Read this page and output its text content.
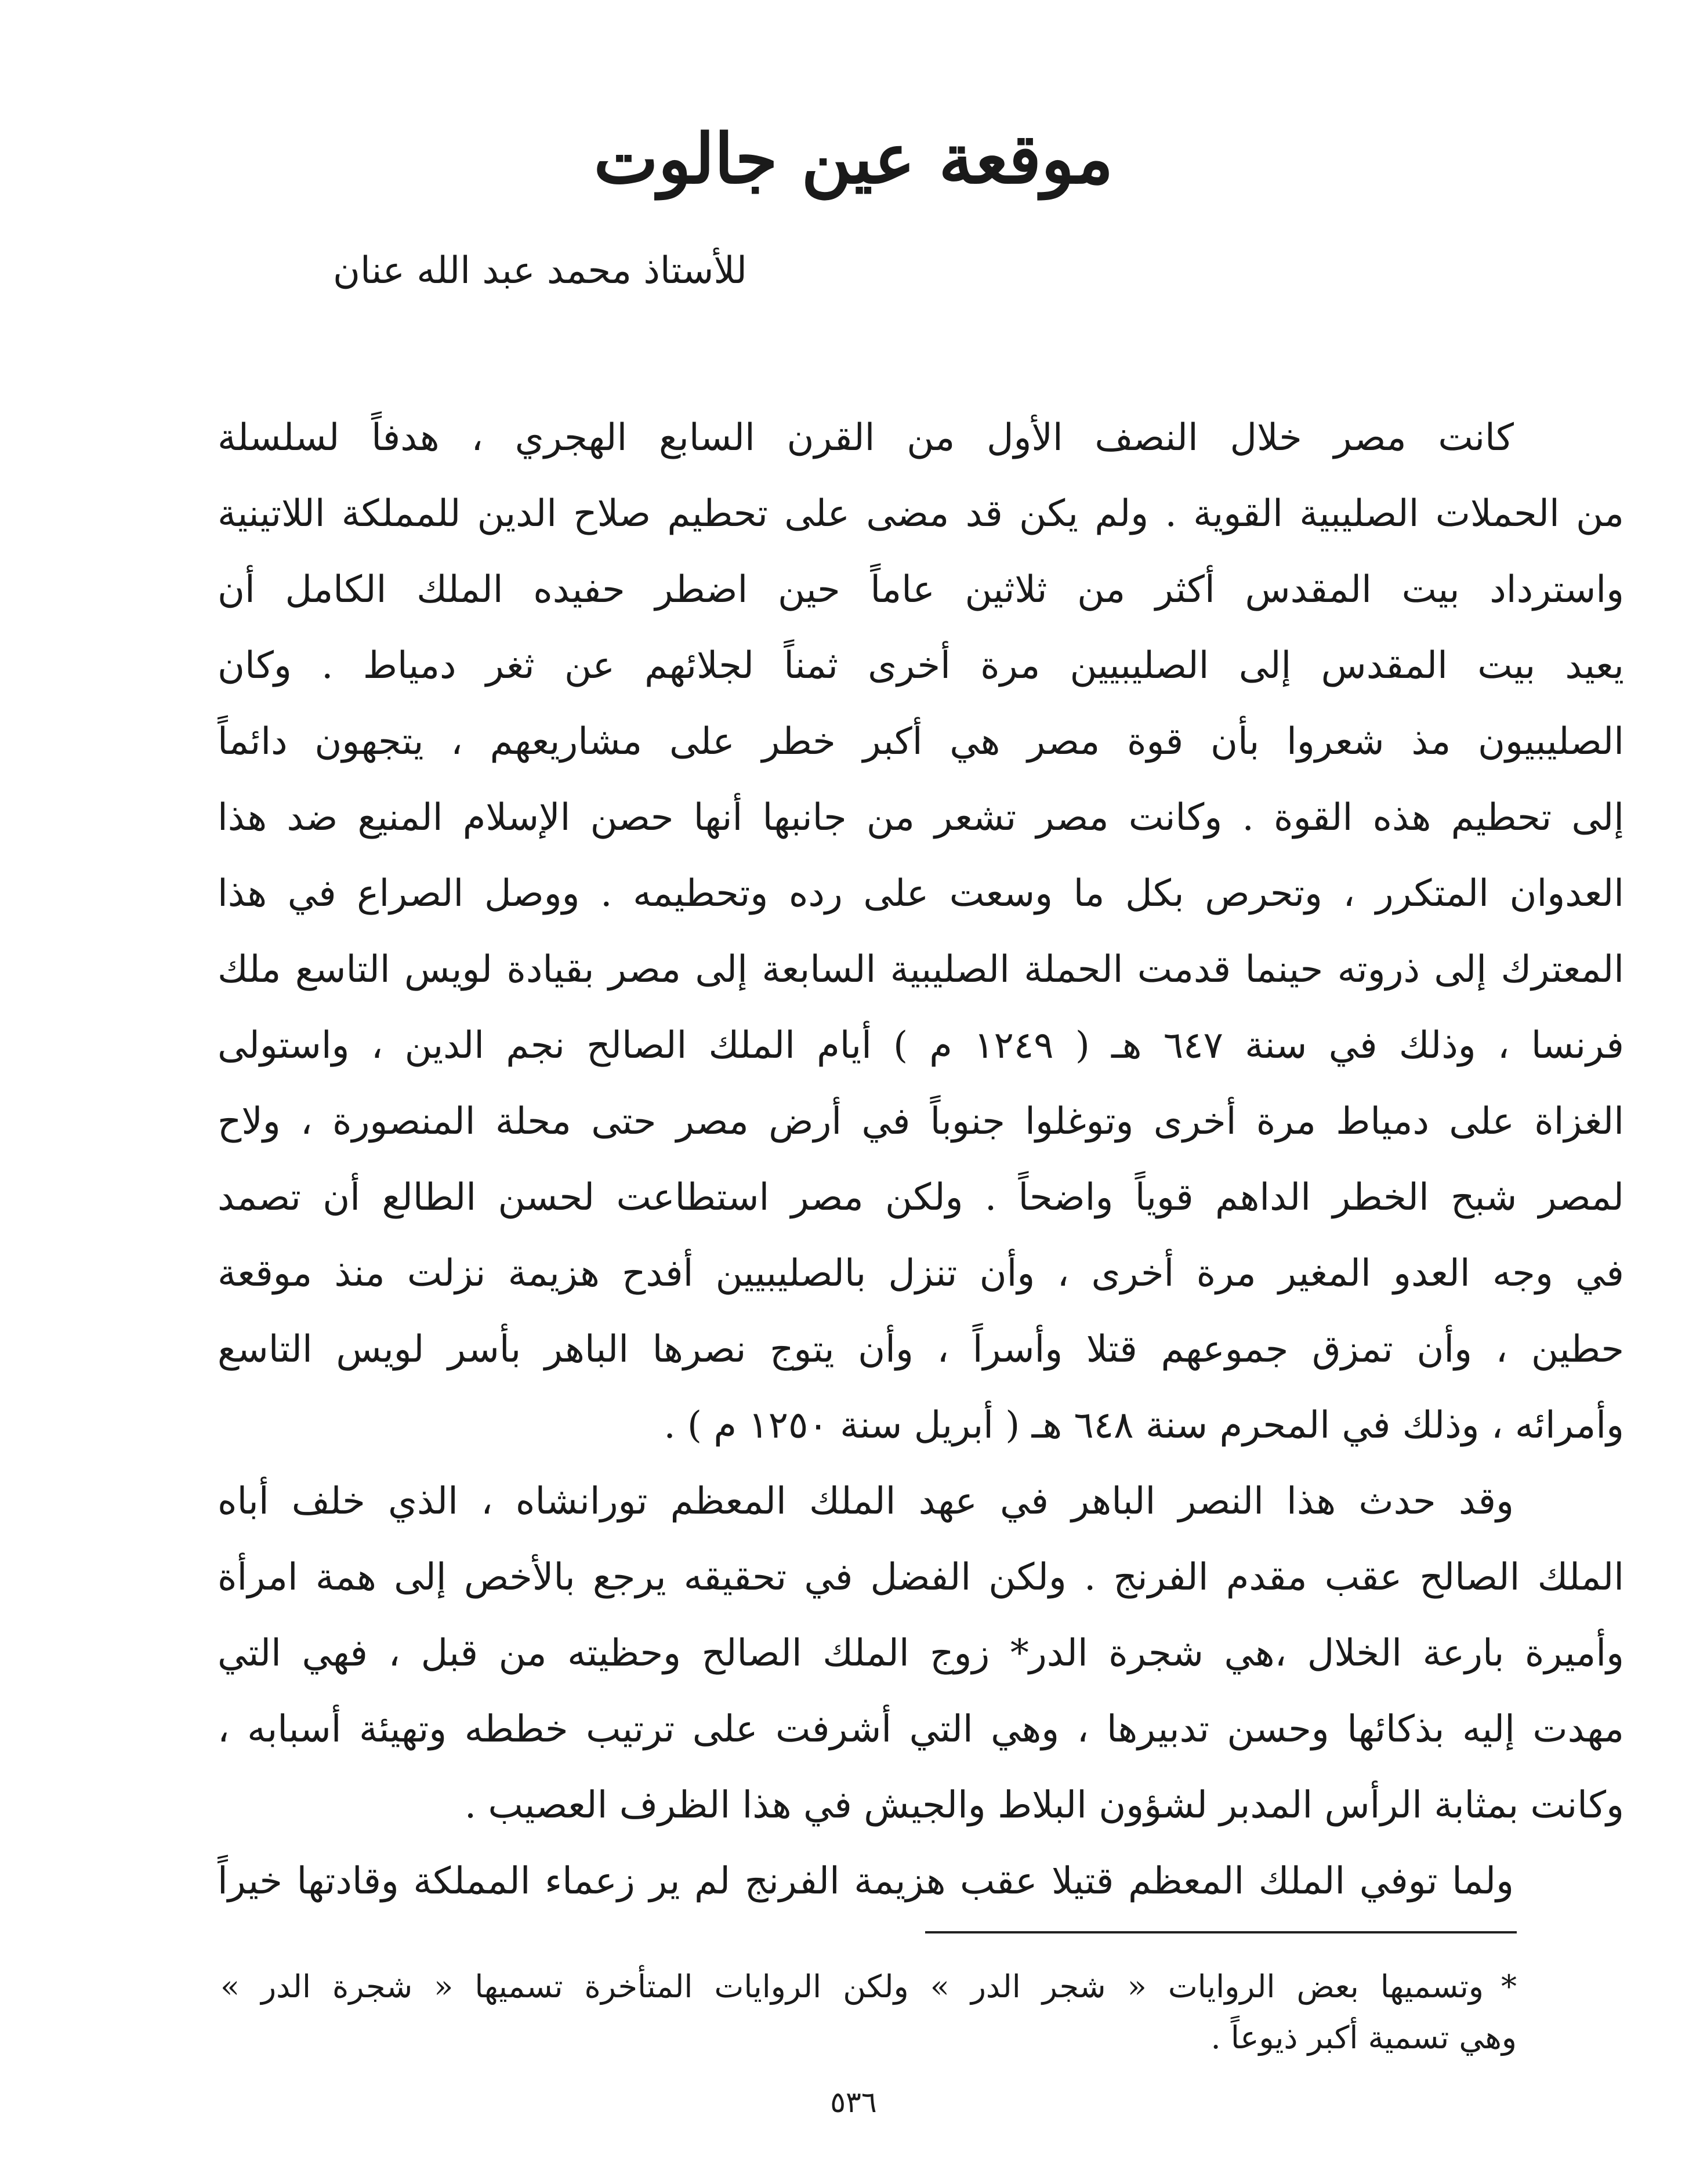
موقعة عين جالوت
للأستاذ محمد عبد الله عنان
كانت مصر خلال النصف الأول من القرن السابع الهجري ، هدفاً لسلسلة
من الحملات الصليبية القوية . ولم يكن قد مضى على تحطيم صلاح الدين للمملكة اللاتينية
واسترداد بيت المقدس أكثر من ثلاثين عاماً حين اضطر حفيده الملك الكامل أن
يعيد بيت المقدس إلى الصليبيين مرة أخرى ثمناً لجلائهم عن ثغر دمياط . وكان
الصليبيون مذ شعروا بأن قوة مصر هي أكبر خطر على مشاريعهم ، يتجهون دائماً
إلى تحطيم هذه القوة . وكانت مصر تشعر من جانبها أنها حصن الإسلام المنيع ضد هذا
العدوان المتكرر ، وتحرص بكل ما وسعت على رده وتحطيمه . ووصل الصراع في هذا
المعترك إلى ذروته حينما قدمت الحملة الصليبية السابعة إلى مصر بقيادة لويس التاسع ملك
فرنسا ، وذلك في سنة ٦٤٧ هـ ( ١٢٤٩ م ) أيام الملك الصالح نجم الدين ، واستولى
الغزاة على دمياط مرة أخرى وتوغلوا جنوباً في أرض مصر حتى محلة المنصورة ، ولاح
لمصر شبح الخطر الداهم قوياً واضحاً . ولكن مصر استطاعت لحسن الطالع أن تصمد
في وجه العدو المغير مرة أخرى ، وأن تنزل بالصليبيين أفدح هزيمة نزلت منذ موقعة
حطين ، وأن تمزق جموعهم قتلا وأسراً ، وأن يتوج نصرها الباهر بأسر لويس التاسع
وأمرائه ، وذلك في المحرم سنة ٦٤٨ هـ ( أبريل سنة ١٢٥٠ م ) .
وقد حدث هذا النصر الباهر في عهد الملك المعظم تورانشاه ، الذي خلف أباه
الملك الصالح عقب مقدم الفرنج . ولكن الفضل في تحقيقه يرجع بالأخص إلى همة امرأة
وأميرة بارعة الخلال ،هي شجرة الدر* زوج الملك الصالح وحظيته من قبل ، فهي التي
مهدت إليه بذكائها وحسن تدبيرها ، وهي التي أشرفت على ترتيب خططه وتهيئة أسبابه ،
وكانت بمثابة الرأس المدبر لشؤون البلاط والجيش في هذا الظرف العصيب .
ولما توفي الملك المعظم قتيلا عقب هزيمة الفرنج لم ير زعماء المملكة وقادتها خيراً
*وتسميها بعض الروايات « شجر الدر » ولكن الروايات المتأخرة تسميها « شجرة الدر »
وهي تسمية أكبر ذيوعاً .
٥٣٦
